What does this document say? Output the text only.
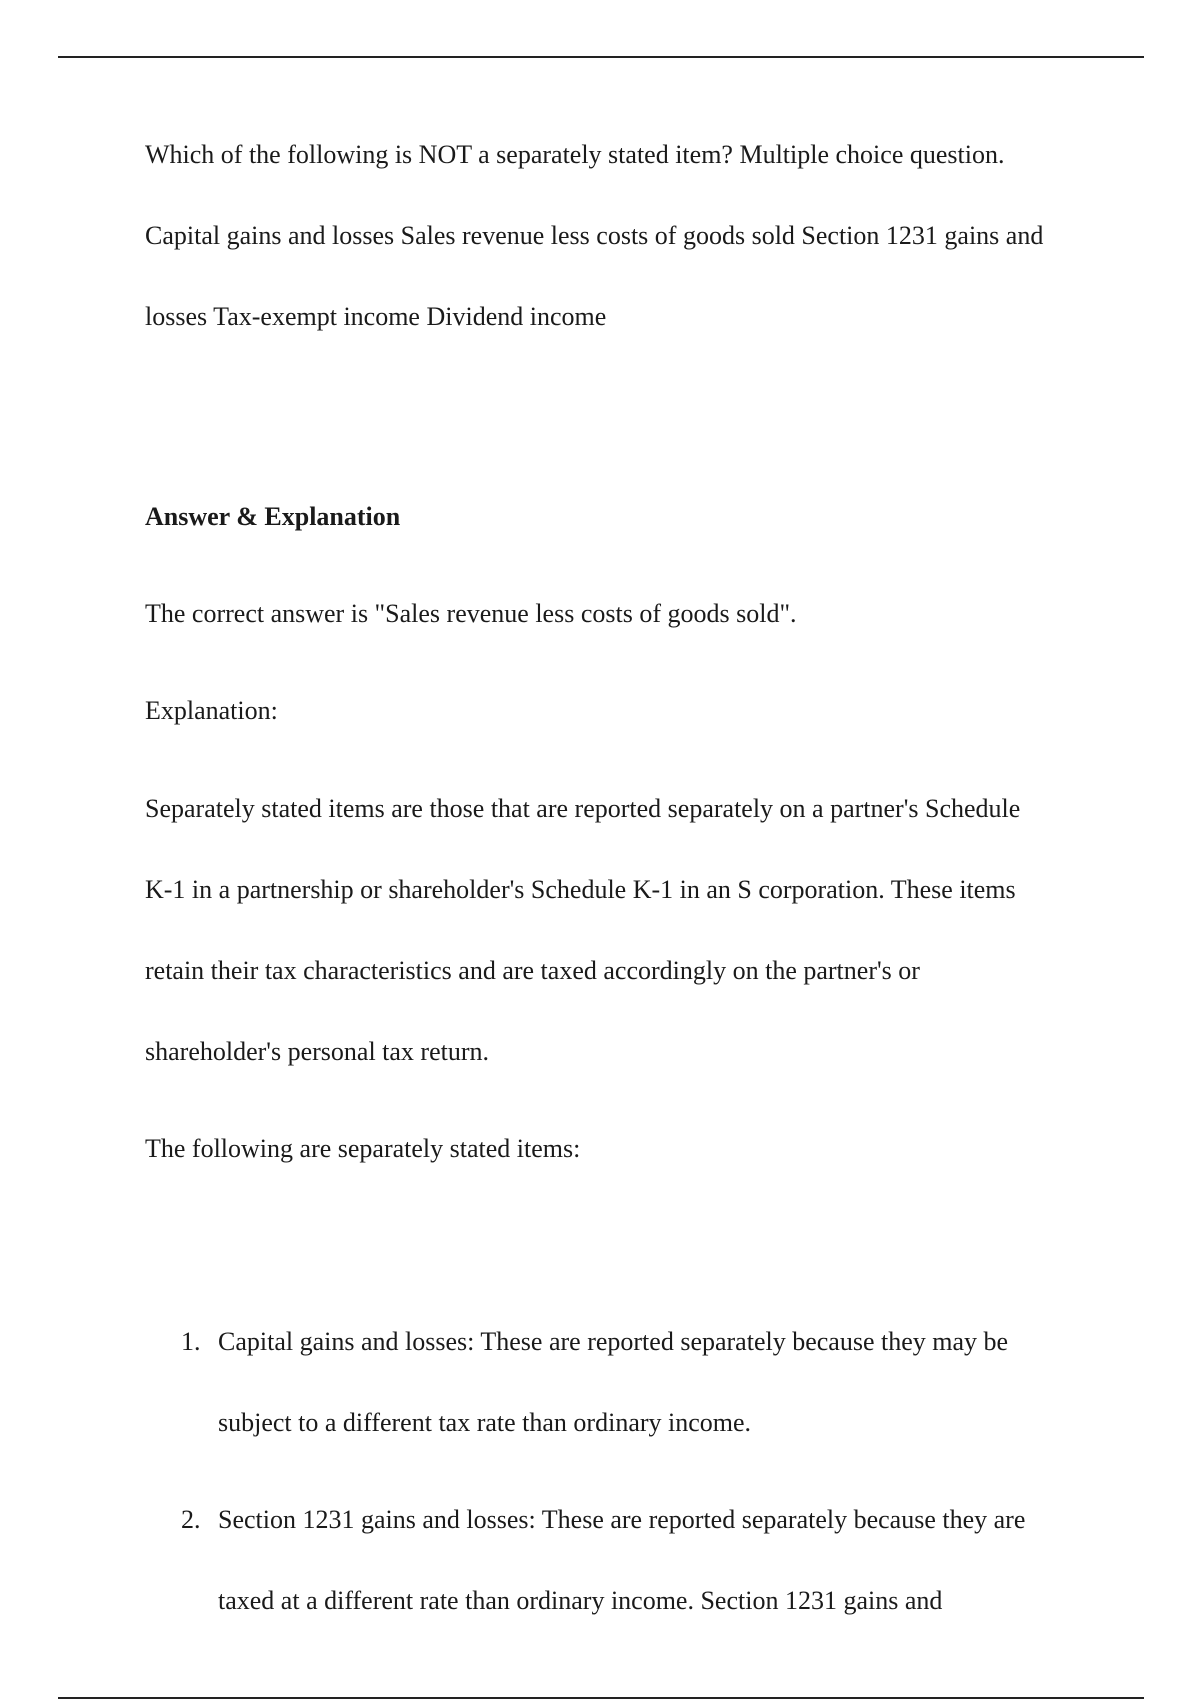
Which of the following is NOT a separately stated item? Multiple choice question. Capital gains and losses Sales revenue less costs of goods sold Section 1231 gains and losses Tax-exempt income Dividend income

Answer & Explanation

The correct answer is "Sales revenue less costs of goods sold".

Explanation:

Separately stated items are those that are reported separately on a partner's Schedule K-1 in a partnership or shareholder's Schedule K-1 in an S corporation. These items retain their tax characteristics and are taxed accordingly on the partner's or shareholder's personal tax return.

The following are separately stated items:

1. Capital gains and losses: These are reported separately because they may be subject to a different tax rate than ordinary income.
2. Section 1231 gains and losses: These are reported separately because they are taxed at a different rate than ordinary income. Section 1231 gains and
